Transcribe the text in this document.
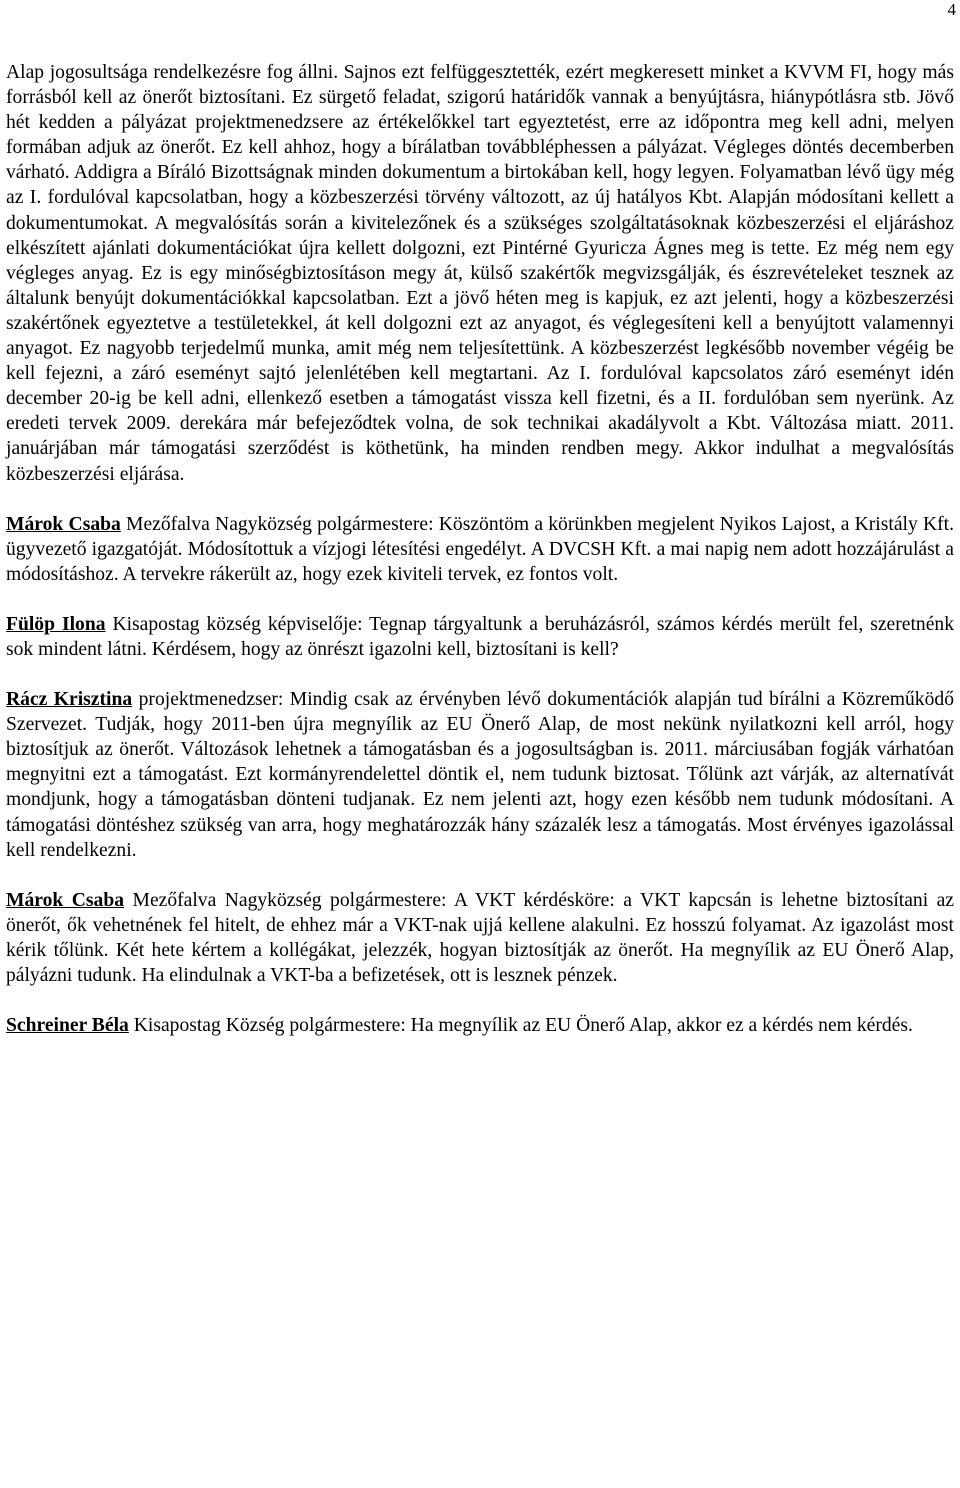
4

Alap jogosultsága rendelkezésre fog állni. Sajnos ezt felfüggesztették, ezért megkeresett minket a KVVM FI, hogy más forrásból kell az önerőt biztosítani. Ez sürgető feladat, szigorú határidők vannak a benyújtásra, hiánypótlásra stb. Jövő hét kedden a pályázat projektmenedzsere az értékelőkkel tart egyeztetést, erre az időpontra meg kell adni, melyen formában adjuk az önerőt. Ez kell ahhoz, hogy a bírálatban továbbléphessen a pályázat. Végleges döntés decemberben várható. Addigra a Bíráló Bizottságnak minden dokumentum a birtokában kell, hogy legyen. Folyamatban lévő ügy még az I. fordulóval kapcsolatban, hogy a közbeszerzési törvény változott, az új hatályos Kbt. Alapján módosítani kellett a dokumentumokat. A megvalósítás során a kivitelezőnek és a szükséges szolgáltatásoknak közbeszerzési el eljáráshoz elkészített ajánlati dokumentációkat újra kellett dolgozni, ezt Pintérné Gyuricza Ágnes meg is tette. Ez még nem egy végleges anyag. Ez is egy minőségbiztosításon megy át, külső szakértők megvizsgálják, és észrevételeket tesznek az általunk benyújt dokumentációkkal kapcsolatban. Ezt a jövő héten meg is kapjuk, ez azt jelenti, hogy a közbeszerzési szakértőnek egyeztetve a testületekkel, át kell dolgozni ezt az anyagot, és véglegesíteni kell a benyújtott valamennyi anyagot. Ez nagyobb terjedelmű munka, amit még nem teljesítettünk. A közbeszerzést legkésőbb november végéig be kell fejezni, a záró eseményt sajtó jelenlétében kell megtartani. Az I. fordulóval kapcsolatos záró eseményt idén december 20-ig be kell adni, ellenkező esetben a támogatást vissza kell fizetni, és a II. fordulóban sem nyerünk. Az eredeti tervek 2009. derekára már befejeződtek volna, de sok technikai akadályvolt a Kbt. Változása miatt. 2011. januárjában már támogatási szerződést is köthetünk, ha minden rendben megy. Akkor indulhat a megvalósítás közbeszerzési eljárása.

Márok Csaba Mezőfalva Nagyközség polgármestere: Köszöntöm a körünkben megjelent Nyikos Lajost, a Kristály Kft. ügyvezető igazgatóját. Módosítottuk a vízjogi létesítési engedélyt. A DVCSH Kft. a mai napig nem adott hozzájárulást a módosításhoz. A tervekre rákerült az, hogy ezek kiviteli tervek, ez fontos volt.

Fülöp Ilona Kisapostag község képviselője: Tegnap tárgyaltunk a beruházásról, számos kérdés merült fel, szeretnénk sok mindent látni. Kérdésem, hogy az önrészt igazolni kell, biztosítani is kell?

Rácz Krisztina projektmenedzser: Mindig csak az érvényben lévő dokumentációk alapján tud bírálni a Közreműködő Szervezet. Tudják, hogy 2011-ben újra megnyílik az EU Önerő Alap, de most nekünk nyilatkozni kell arról, hogy biztosítjuk az önerőt. Változások lehetnek a támogatásban és a jogosultságban is. 2011. márciusában fogják várhatóan megnyitni ezt a támogatást. Ezt kormányrendelettel döntik el, nem tudunk biztosat. Tőlünk azt várják, az alternatívát mondjunk, hogy a támogatásban dönteni tudjanak. Ez nem jelenti azt, hogy ezen később nem tudunk módosítani. A támogatási döntéshez szükség van arra, hogy meghatározzák hány százalék lesz a támogatás. Most érvényes igazolással kell rendelkezni.

Márok Csaba Mezőfalva Nagyközség polgármestere: A VKT kérdésköre: a VKT kapcsán is lehetne biztosítani az önerőt, ők vehetnének fel hitelt, de ehhez már a VKT-nak ujjá kellene alakulni. Ez hosszú folyamat. Az igazolást most kérik tőlünk. Két hete kértem a kollégákat, jelezzék, hogyan biztosítják az önerőt. Ha megnyílik az EU Önerő Alap, pályázni tudunk. Ha elindulnak a VKT-ba a befizetések, ott is lesznek pénzek.

Schreiner Béla Kisapostag Község polgármestere: Ha megnyílik az EU Önerő Alap, akkor ez a kérdés nem kérdés.
